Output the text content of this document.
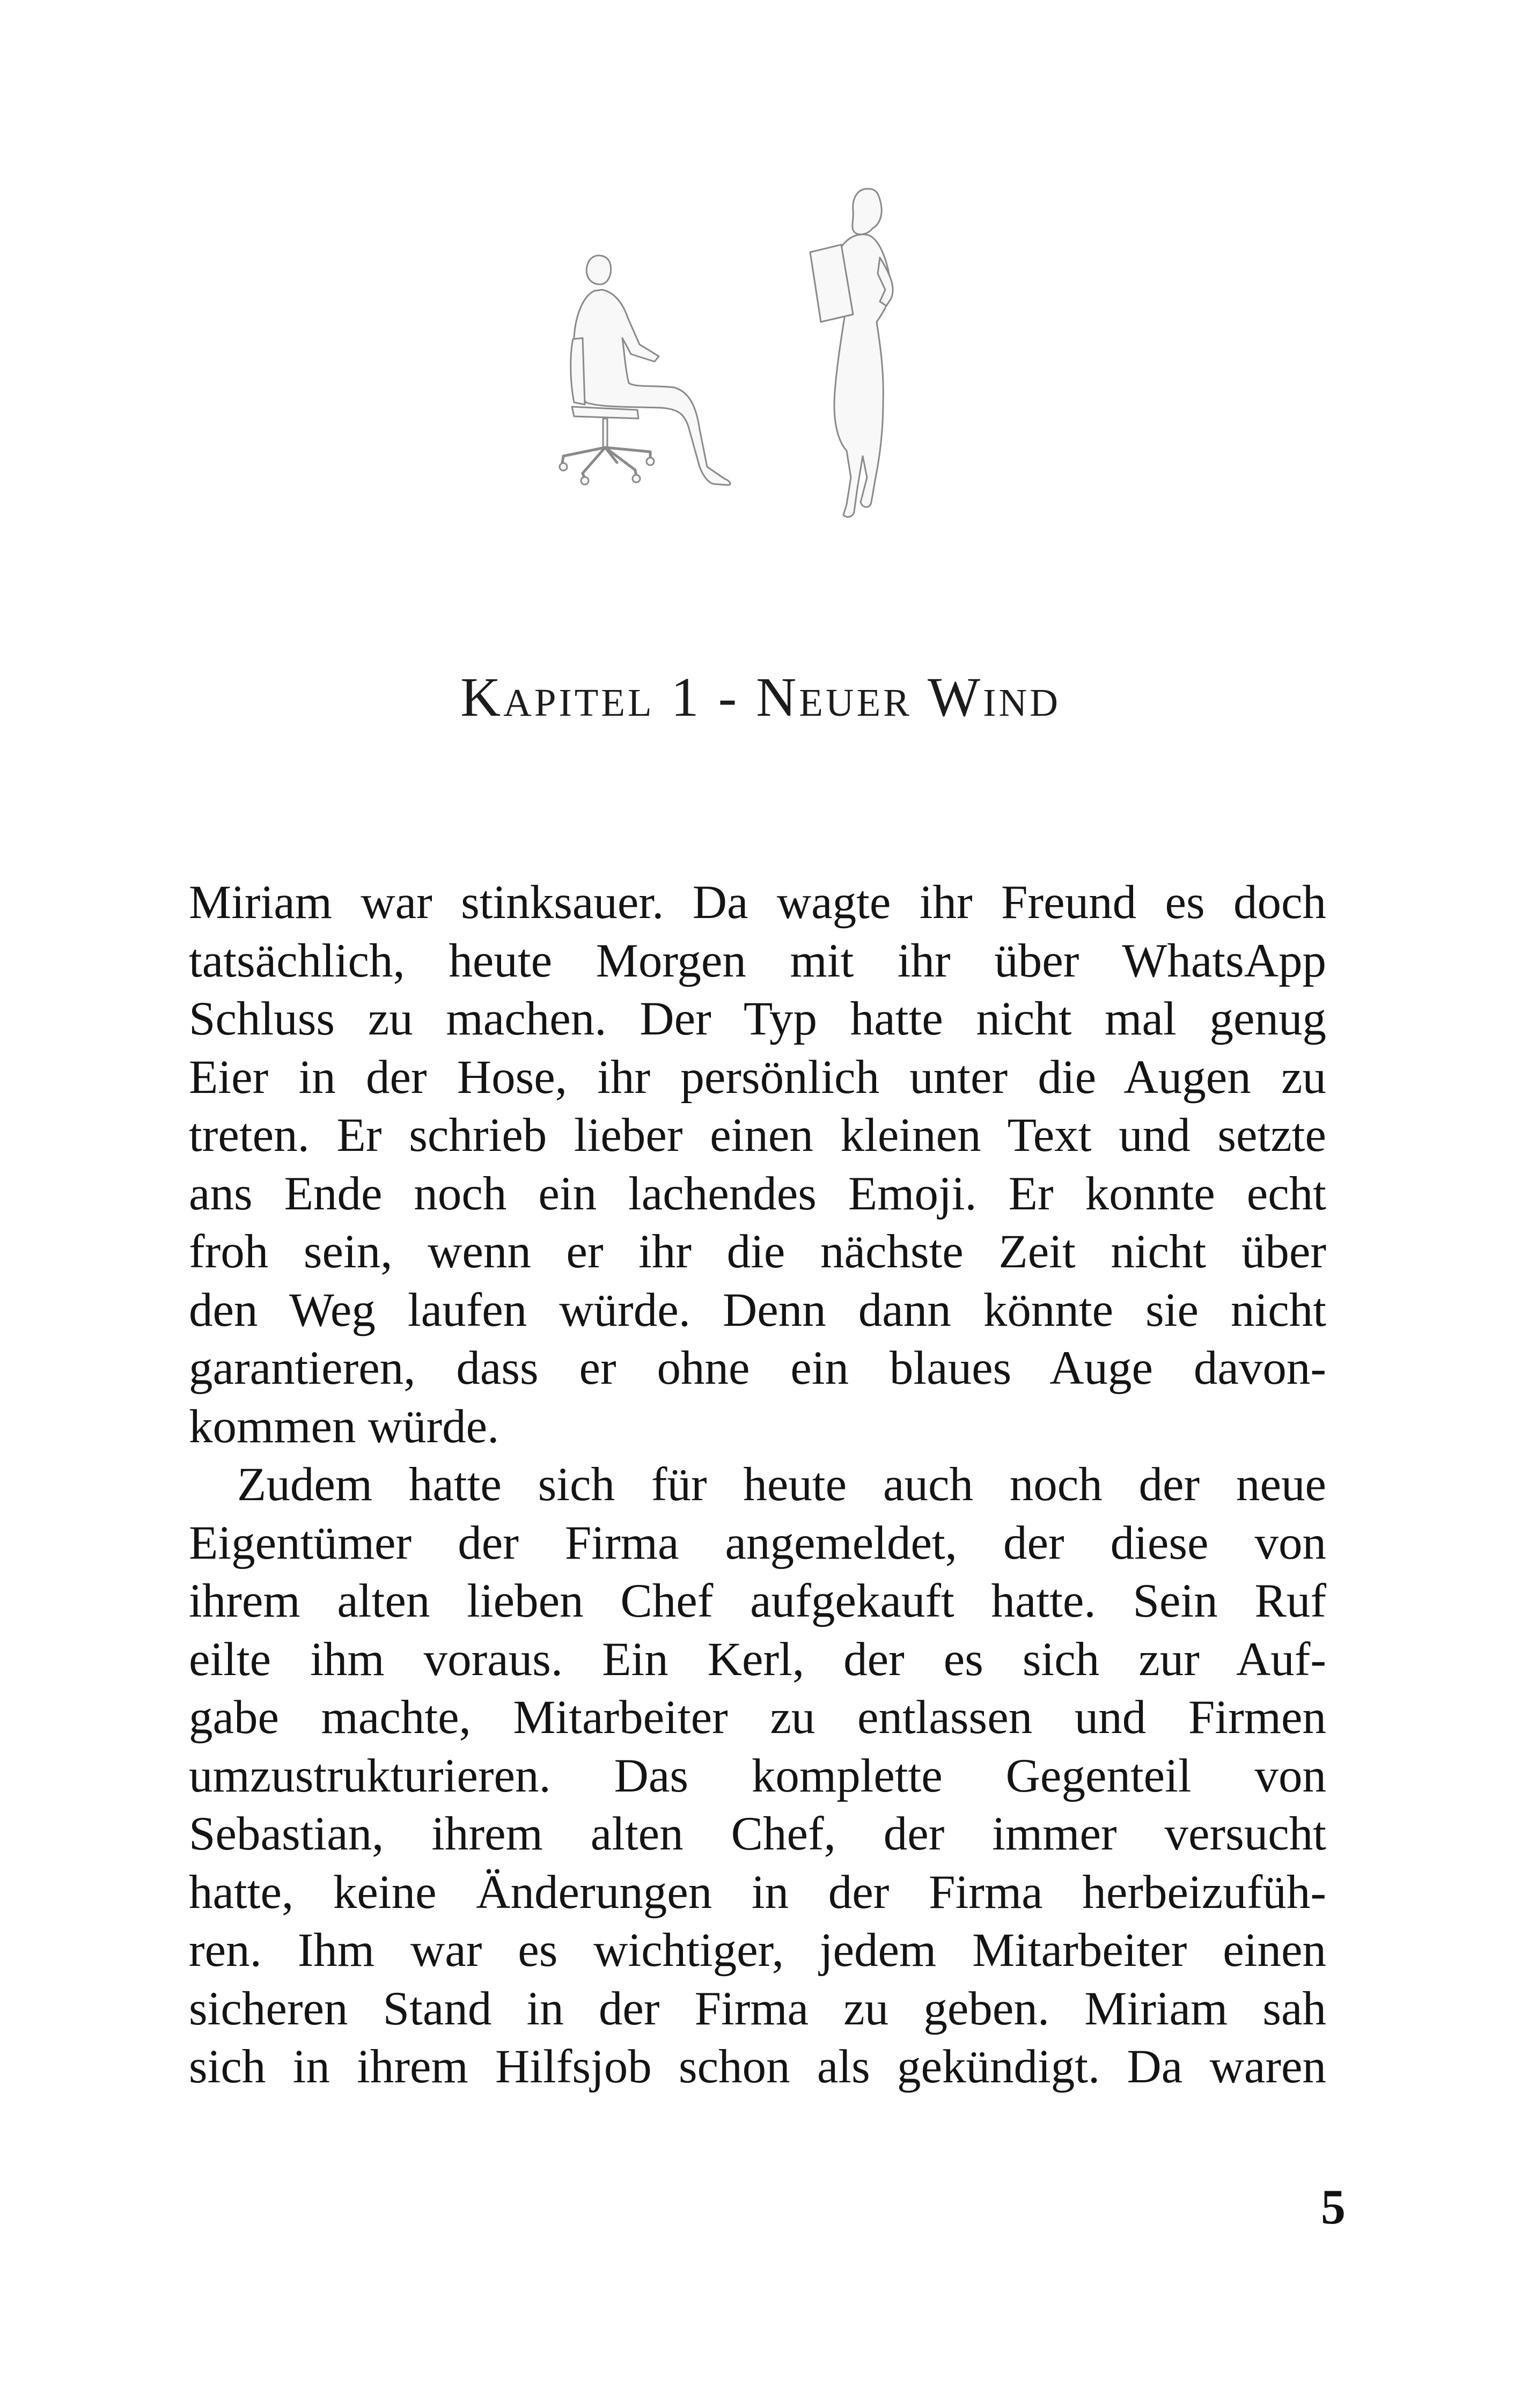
Kapitel 1 - Neuer Wind
Miriam war stinksauer. Da wagte ihr Freund es doch
tatsächlich, heute Morgen mit ihr über WhatsApp
Schluss zu machen. Der Typ hatte nicht mal genug
Eier in der Hose, ihr persönlich unter die Augen zu
treten. Er schrieb lieber einen kleinen Text und setzte
ans Ende noch ein lachendes Emoji. Er konnte echt
froh sein, wenn er ihr die nächste Zeit nicht über
den Weg laufen würde. Denn dann könnte sie nicht
garantieren, dass er ohne ein blaues Auge davon-
kommen würde.
Zudem hatte sich für heute auch noch der neue
Eigentümer der Firma angemeldet, der diese von
ihrem alten lieben Chef aufgekauft hatte. Sein Ruf
eilte ihm voraus. Ein Kerl, der es sich zur Auf-
gabe machte, Mitarbeiter zu entlassen und Firmen
umzustrukturieren. Das komplette Gegenteil von
Sebastian, ihrem alten Chef, der immer versucht
hatte, keine Änderungen in der Firma herbeizufüh-
ren. Ihm war es wichtiger, jedem Mitarbeiter einen
sicheren Stand in der Firma zu geben. Miriam sah
sich in ihrem Hilfsjob schon als gekündigt. Da waren
5
